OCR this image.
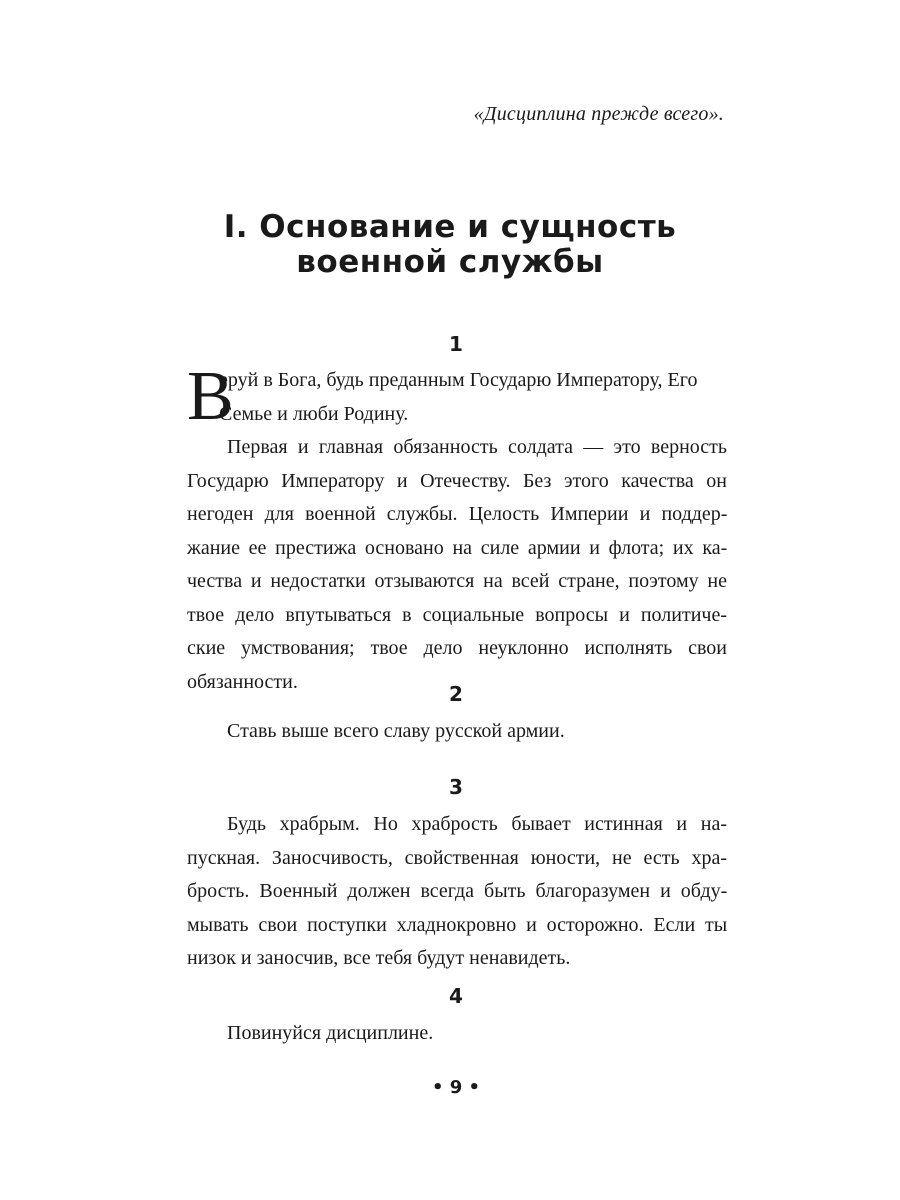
«Дисциплина прежде всего».
I. Основание и сущность
военной службы
1
В
еруй в Бога, будь преданным Государю Императору, Его
Семье и люби Родину.
Первая и главная обязанность солдата — это верность
Государю Императору и Отечеству. Без этого качества он
негоден для военной службы. Целость Империи и поддер-
жание ее престижа основано на силе армии и флота; их ка-
чества и недостатки отзываются на всей стране, поэтому не
твое дело впутываться в социальные вопросы и политиче-
ские умствования; твое дело неуклонно исполнять свои
обязанности.
2
Ставь выше всего славу русской армии.
3
Будь храбрым. Но храбрость бывает истинная и на-
пускная. Заносчивость, свойственная юности, не есть хра-
брость. Военный должен всегда быть благоразумен и обду-
мывать свои поступки хладнокровно и осторожно. Если ты
низок и заносчив, все тебя будут ненавидеть.
4
Повинуйся дисциплине.
• 9 •
